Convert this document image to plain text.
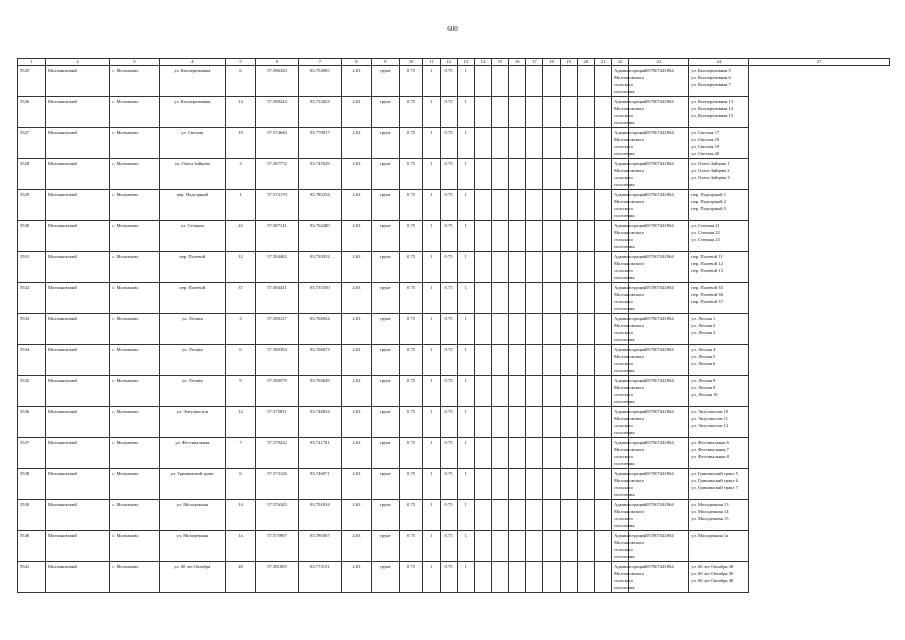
600
1	2	3	4	5	6	7	8	9	10	11	12	13	14	15	16	17	18	19	20	21	22	23	24	27
5525	Молчановский	с. Молчаново	ул. Кооперативная	6	57.586320	83.754905	2.63	грунт	0.75	1	0.75	1									Администрация
Молчановского
сельского
поселения	1057007441864	ул. Кооперативная 5
ул. Кооперативная 6
ул. Кооперативная 7	

5526	Молчановский	с. Молчаново	ул. Кооперативная	14	57.588244	83.753023	2.63	грунт	0.75	1	0.75	1									Администрация
Молчановского
сельского
поселения	1057007441864	ул. Кооперативная 13
ул. Кооперативная 14
ул. Кооперативная 15	

5527	Молчановский	с. Молчаново	ул. Светлая	19	57.574640	83.770917	2.63	грунт	0.75	1	0.75	1									Администрация
Молчановского
сельского
поселения	1057007441864	ул. Светлая 17
ул. Светлая 18
ул. Светлая 19
ул. Светлая 20	

5528	Молчановский	с. Молчаново	ул. Олега Зайцева	3	57.587772	83.745529	2.63	грунт	0.75	1	0.75	1									Администрация
Молчановского
сельского
поселения	1057007441864	ул. Олега Зайцева 1
ул. Олега Зайцева 2
ул. Олега Зайцева 3	

5529	Молчановский	с. Молчаново	пер. Подгорный	1	57.573170	83.785234	2.63	грунт	0.75	1	0.75	1									Администрация
Молчановского
сельского
поселения	1057007441864	пер. Подгорный 1
пер. Подгорный 2
пер. Подгорный 3	

5530	Молчановский	с. Молчаново	ул. Степная	22	57.587141	83.762280	2.63	грунт	0.75	1	0.75	1									Администрация
Молчановского
сельского
поселения	1057007441864	ул. Степная 21
ул. Степная 22
ул. Степная 23	

5531	Молчановский	с. Молчаново	пер. Полевой	12	57.584482	83.739552	2.63	грунт	0.75	1	0.75	1									Администрация
Молчановского
сельского
поселения	1057007441864	пер. Полевой 11
пер. Полевой 12
пер. Полевой 13	

5532	Молчановский	с. Молчаново	пер. Полевой	37	57.584431	83.735350	2.63	грунт	0.75	1	0.75	1									Администрация
Молчановского
сельского
поселения	1057007441864	пер. Полевой 35
пер. Полевой 36
пер. Полевой 37	

5533	Молчановский	с. Молчаново	ул. Лесная	3	57.580127	83.766924	2.63	грунт	0.75	1	0.75	1									Администрация
Молчановского
сельского
поселения	1057007441864	ул. Лесная 1
ул. Лесная 2
ул. Лесная 3	

5534	Молчановский	с. Молчаново	ул. Лесная	6	57.580394	83.766673	2.63	грунт	0.75	1	0.75	1									Администрация
Молчановского
сельского
поселения	1057007441864	ул. Лесная 4
ул. Лесная 5
ул. Лесная 6	

5535	Молчановский	с. Молчаново	ул. Лесная	9	57.580579	83.765649	2.63	грунт	0.75	1	0.75	1									Администрация
Молчановского
сельского
поселения	1057007441864	ул. Лесная 8
ул. Лесная 9
ул. Лесная 10	

5536	Молчановский	с. Молчаново	ул. Энтузиастов	12	57.575831	83.746834	2.63	грунт	0.75	1	0.75	1									Администрация
Молчановского
сельского
поселения	1057007441864	ул. Энтузиастов 10
ул. Энтузиастов 11
ул. Энтузиастов 12	

5537	Молчановский	с. Молчаново	ул. Фестивальная	7	57.579222	83.741701	2.63	грунт	0.75	1	0.75	1									Администрация
Молчановского
сельского
поселения	1057007441864	ул. Фестивальная 6
ул. Фестивальная 7
ул. Фестивальная 8	

5538	Молчановский	с. Молчаново	ул. Гришинский тракт	6	57.573126	83.746071	2.63	грунт	0.75	1	0.75	1									Администрация
Молчановского
сельского
поселения	1057007441864	ул. Гришинский тракт 5
ул. Гришинский тракт 6
ул. Гришинский тракт 7	

5539	Молчановский	с. Молчаново	ул. Молодежная	14	57.576345	83.791834	2.63	грунт	0.75	1	0.75	1									Администрация
Молчановского
сельского
поселения	1057007441864	ул. Молодежная 13
ул. Молодежная 14
ул. Молодежная 15	

5540	Молчановский	с. Молчаново	ул. Молодежная	1а	57.575907	83.780367	2.63	грунт	0.75	1	0.75	1									Администрация
Молчановского
сельского
поселения	1057007441864	ул. Молодежная 1а	

5541	Молчановский	с. Молчаново	ул. 60 лет Октября	40	57.581005	83.773131	2.63	грунт	0.75	1	0.75	1									Администрация
Молчановского
сельского
поселения	1057007441864	ул. 60 лет Октября 38
ул. 60 лет Октября 39
ул. 60 лет Октября 40	
